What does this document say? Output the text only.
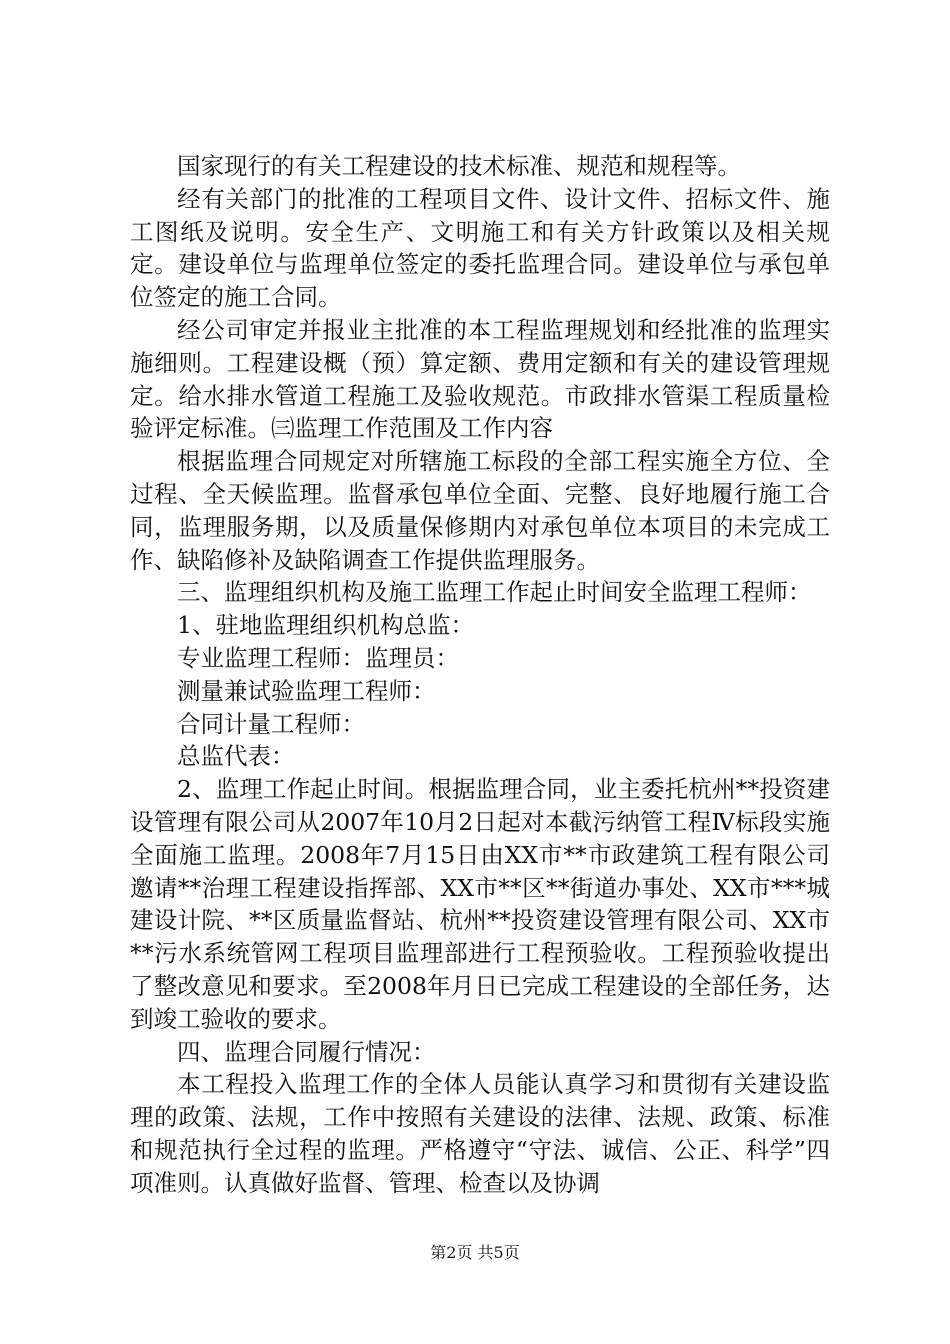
国家现行的有关工程建设的技术标准、规范和规程等。

经有关部门的批准的工程项目文件、设计文件、招标文件、施工图纸及说明。安全生产、文明施工和有关方针政策以及相关规定。建设单位与监理单位签定的委托监理合同。建设单位与承包单位签定的施工合同。

经公司审定并报业主批准的本工程监理规划和经批准的监理实施细则。工程建设概（预）算定额、费用定额和有关的建设管理规定。给水排水管道工程施工及验收规范。市政排水管渠工程质量检验评定标准。㈢监理工作范围及工作内容

根据监理合同规定对所辖施工标段的全部工程实施全方位、全过程、全天候监理。监督承包单位全面、完整、良好地履行施工合同，监理服务期，以及质量保修期内对承包单位本项目的未完成工作、缺陷修补及缺陷调查工作提供监理服务。

三、监理组织机构及施工监理工作起止时间安全监理工程师：

1、驻地监理组织机构总监：

专业监理工程师：监理员：

测量兼试验监理工程师：

合同计量工程师：

总监代表：

2、监理工作起止时间。根据监理合同，业主委托杭州**投资建设管理有限公司从2007年10月2日起对本截污纳管工程Ⅳ标段实施全面施工监理。2008年7月15日由XX市**市政建筑工程有限公司邀请**治理工程建设指挥部、XX市**区**街道办事处、XX市***城建设计院、**区质量监督站、杭州**投资建设管理有限公司、XX市**污水系统管网工程项目监理部进行工程预验收。工程预验收提出了整改意见和要求。至2008年月日已完成工程建设的全部任务，达到竣工验收的要求。

四、监理合同履行情况：

本工程投入监理工作的全体人员能认真学习和贯彻有关建设监理的政策、法规，工作中按照有关建设的法律、法规、政策、标准和规范执行全过程的监理。严格遵守“守法、诚信、公正、科学”四项准则。认真做好监督、管理、检查以及协调

第2页 共5页
